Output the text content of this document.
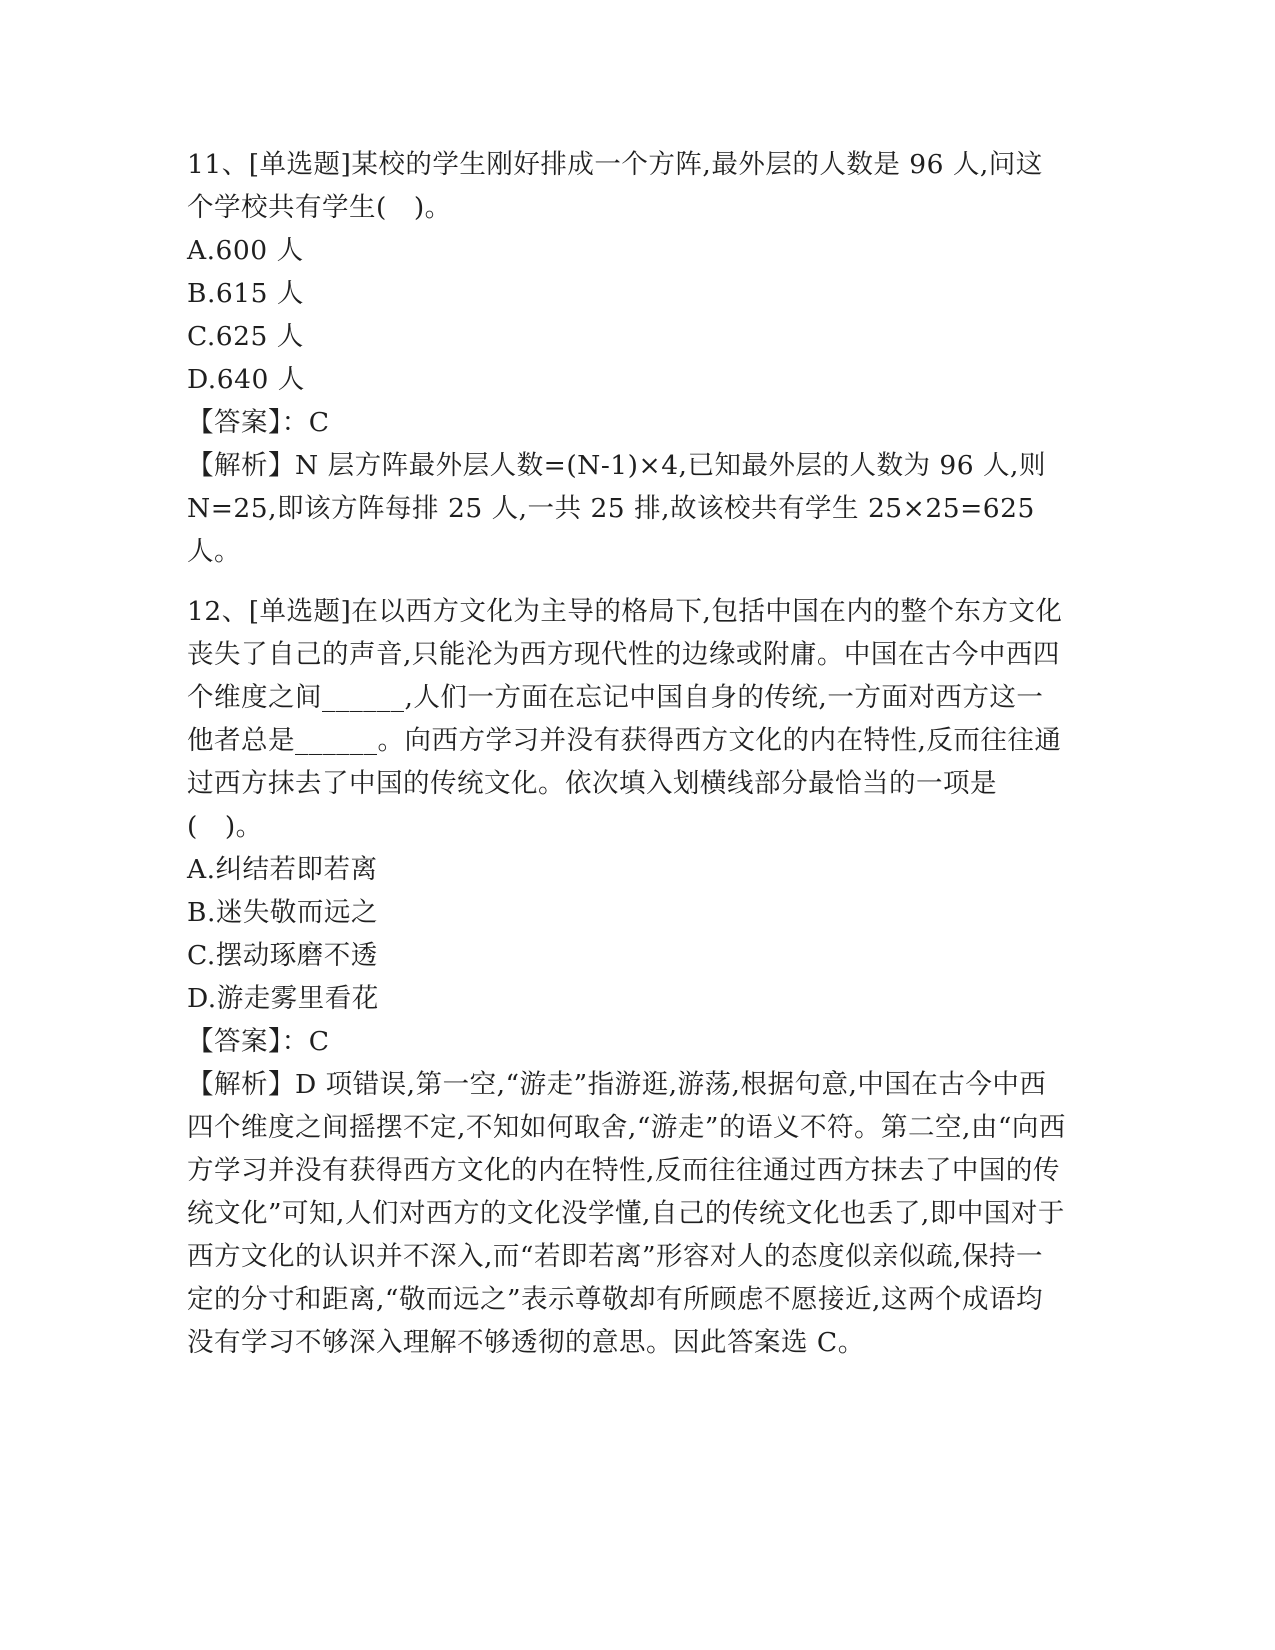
11、[单选题]某校的学生刚好排成一个方阵,最外层的人数是 96 人,问这个学校共有学生(　)。

A.600 人

B.615 人

C.625 人

D.640 人

【答案】：C

【解析】N 层方阵最外层人数=(N-1)×4,已知最外层的人数为 96 人,则 N=25,即该方阵每排 25 人,一共 25 排,故该校共有学生 25×25=625 人。

12、[单选题]在以西方文化为主导的格局下,包括中国在内的整个东方文化丧失了自己的声音,只能沦为西方现代性的边缘或附庸。中国在古今中西四个维度之间______,人们一方面在忘记中国自身的传统,一方面对西方这一他者总是______。向西方学习并没有获得西方文化的内在特性,反而往往通过西方抹去了中国的传统文化。依次填入划横线部分最恰当的一项是(　)。

A.纠结若即若离

B.迷失敬而远之

C.摆动琢磨不透

D.游走雾里看花

【答案】：C

【解析】D 项错误,第一空,“游走”指游逛,游荡,根据句意,中国在古今中西四个维度之间摇摆不定,不知如何取舍,“游走”的语义不符。第二空,由“向西方学习并没有获得西方文化的内在特性,反而往往通过西方抹去了中国的传统文化”可知,人们对西方的文化没学懂,自己的传统文化也丢了,即中国对于西方文化的认识并不深入,而“若即若离”形容对人的态度似亲似疏,保持一定的分寸和距离,“敬而远之”表示尊敬却有所顾虑不愿接近,这两个成语均没有学习不够深入理解不够透彻的意思。因此答案选 C。
